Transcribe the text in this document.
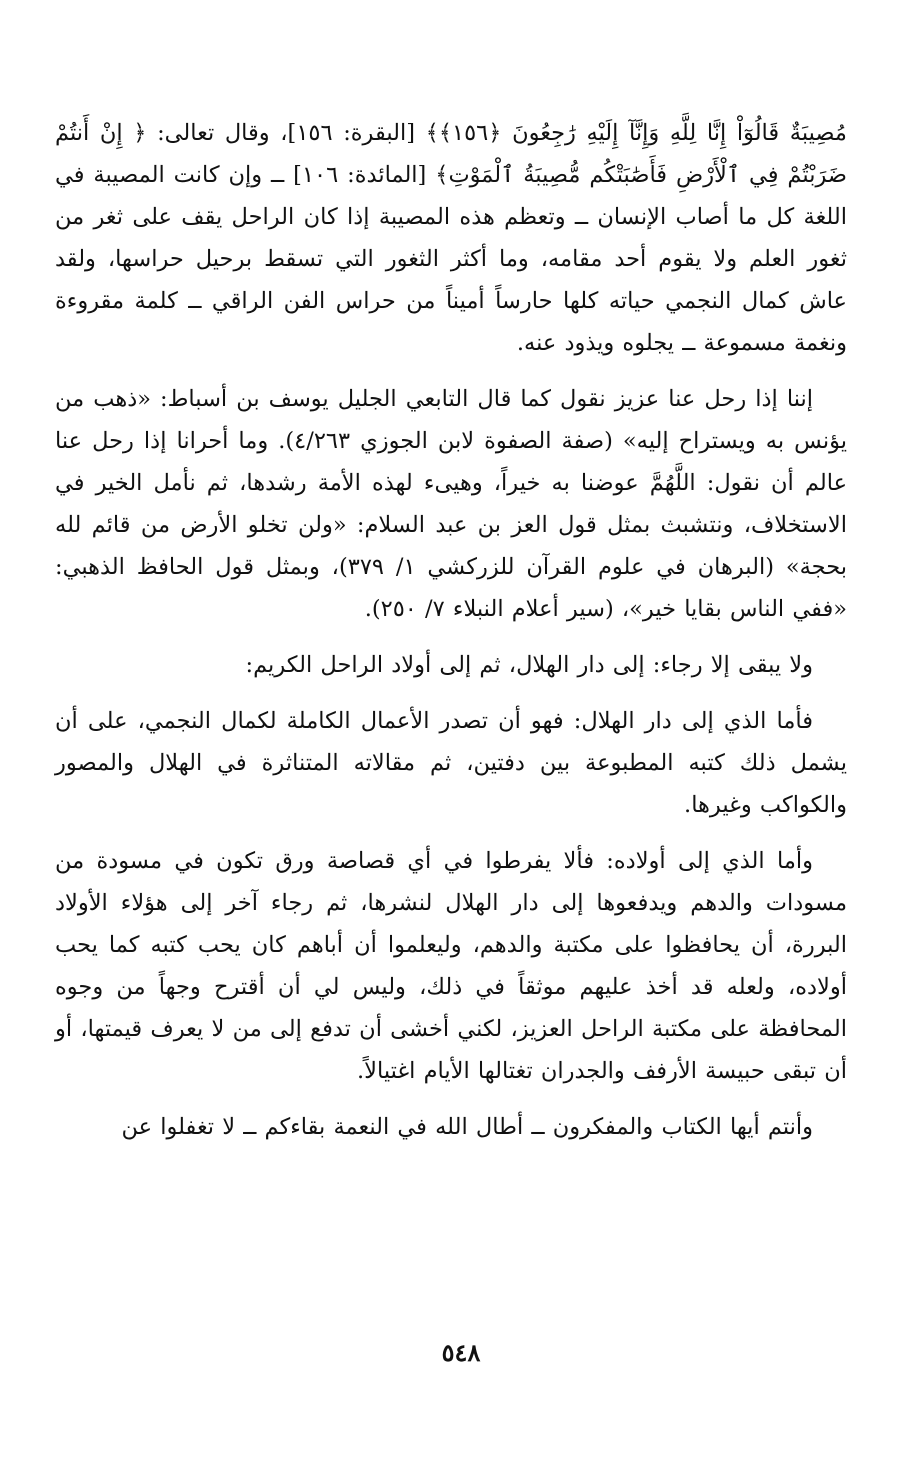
مُصِيبَةٌ قَالُوٓاْ إِنَّا لِلَّهِ وَإِنَّآ إِلَيْهِ رَٰجِعُونَ ﴿١٥٦﴾﴾ [البقرة: ١٥٦]، وقال تعالى: ﴿ إِنْ أَنتُمْ ضَرَبْتُمْ فِي ٱلْأَرْضِ فَأَصَٰبَتْكُم مُّصِيبَةُ ٱلْمَوْتِ﴾ [المائدة: ١٠٦] ــ وإن كانت المصيبة في اللغة كل ما أصاب الإنسان ــ وتعظم هذه المصيبة إذا كان الراحل يقف على ثغر من ثغور العلم ولا يقوم أحد مقامه، وما أكثر الثغور التي تسقط برحيل حراسها، ولقد عاش كمال النجمي حياته كلها حارساً أميناً من حراس الفن الراقي ــ كلمة مقروءة ونغمة مسموعة ــ يجلوه ويذود عنه.

إننا إذا رحل عنا عزيز نقول كما قال التابعي الجليل يوسف بن أسباط: «ذهب من يؤنس به ويستراح إليه» (صفة الصفوة لابن الجوزي ٤/٢٦٣). وما أحرانا إذا رحل عنا عالم أن نقول: اللَّهُمَّ عوضنا به خيراً، وهيىء لهذه الأمة رشدها، ثم نأمل الخير في الاستخلاف، ونتشبث بمثل قول العز بن عبد السلام: «ولن تخلو الأرض من قائم لله بحجة» (البرهان في علوم القرآن للزركشي ١/ ٣٧٩)، وبمثل قول الحافظ الذهبي: «ففي الناس بقايا خير»، (سير أعلام النبلاء ٧/ ٢٥٠).

ولا يبقى إلا رجاء: إلى دار الهلال، ثم إلى أولاد الراحل الكريم:

فأما الذي إلى دار الهلال: فهو أن تصدر الأعمال الكاملة لكمال النجمي، على أن يشمل ذلك كتبه المطبوعة بين دفتين، ثم مقالاته المتناثرة في الهلال والمصور والكواكب وغيرها.

وأما الذي إلى أولاده: فألا يفرطوا في أي قصاصة ورق تكون في مسودة من مسودات والدهم ويدفعوها إلى دار الهلال لنشرها، ثم رجاء آخر إلى هؤلاء الأولاد البررة، أن يحافظوا على مكتبة والدهم، وليعلموا أن أباهم كان يحب كتبه كما يحب أولاده، ولعله قد أخذ عليهم موثقاً في ذلك، وليس لي أن أقترح وجهاً من وجوه المحافظة على مكتبة الراحل العزيز، لكني أخشى أن تدفع إلى من لا يعرف قيمتها، أو أن تبقى حبيسة الأرفف والجدران تغتالها الأيام اغتيالاً.

وأنتم أيها الكتاب والمفكرون ــ أطال الله في النعمة بقاءكم ــ لا تغفلوا عن

٥٤٨
